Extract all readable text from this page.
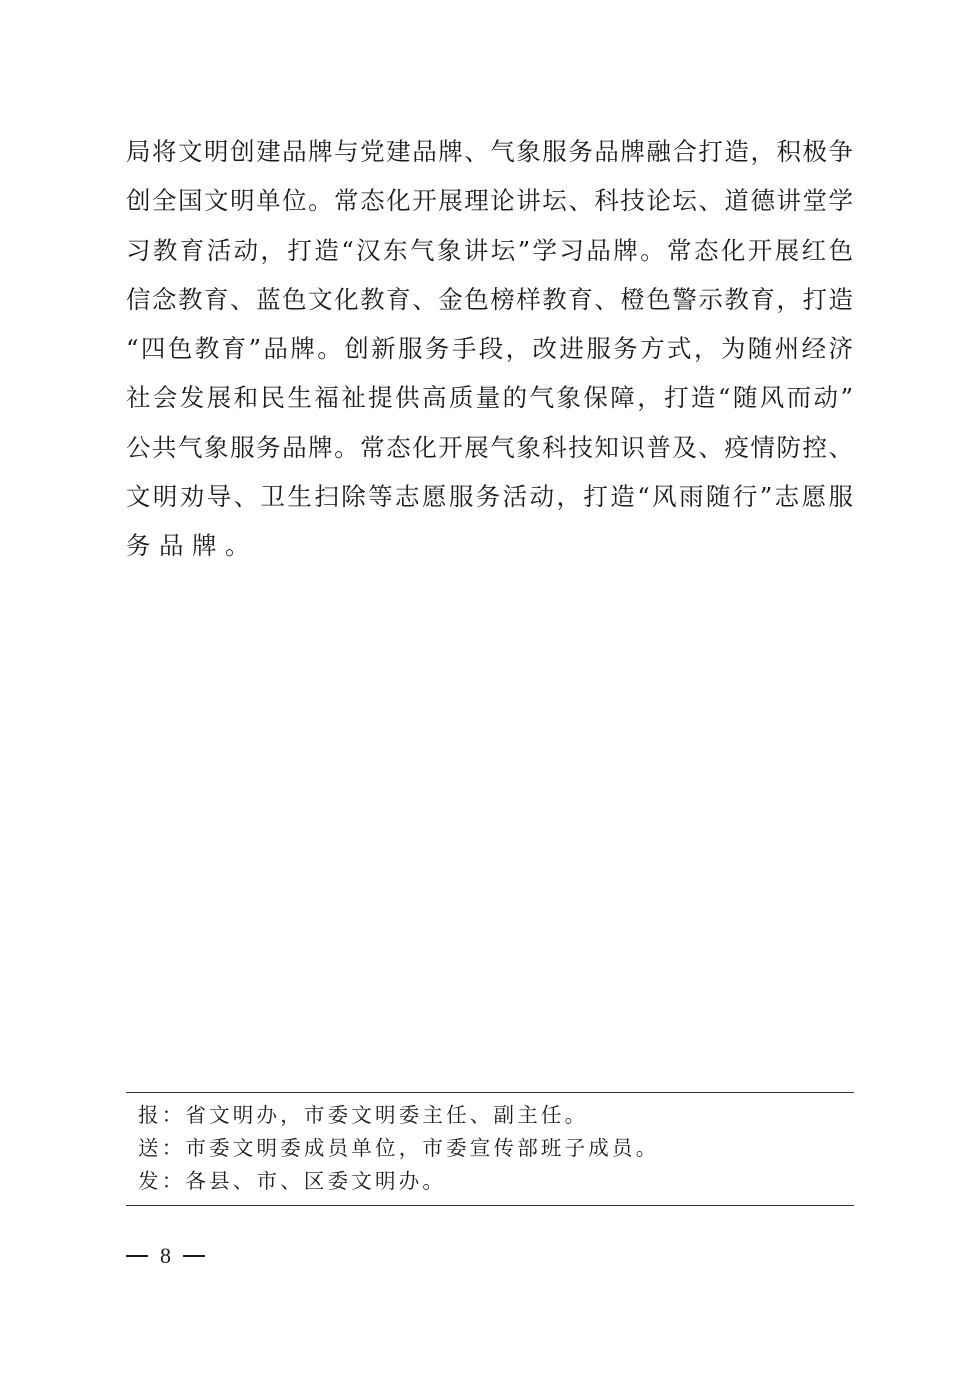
局将文明创建品牌与党建品牌、气象服务品牌融合打造，积极争
创全国文明单位。常态化开展理论讲坛、科技论坛、道德讲堂学
习教育活动，打造“汉东气象讲坛”学习品牌。常态化开展红色
信念教育、蓝色文化教育、金色榜样教育、橙色警示教育，打造
“四色教育”品牌。创新服务手段，改进服务方式，为随州经济
社会发展和民生福祉提供高质量的气象保障，打造“随风而动”
公共气象服务品牌。常态化开展气象科技知识普及、疫情防控、
文明劝导、卫生扫除等志愿服务活动，打造“风雨随行”志愿服
务品牌。
报：省文明办，市委文明委主任、副主任。
送：市委文明委成员单位，市委宣传部班子成员。
发：各县、市、区委文明办。
8
